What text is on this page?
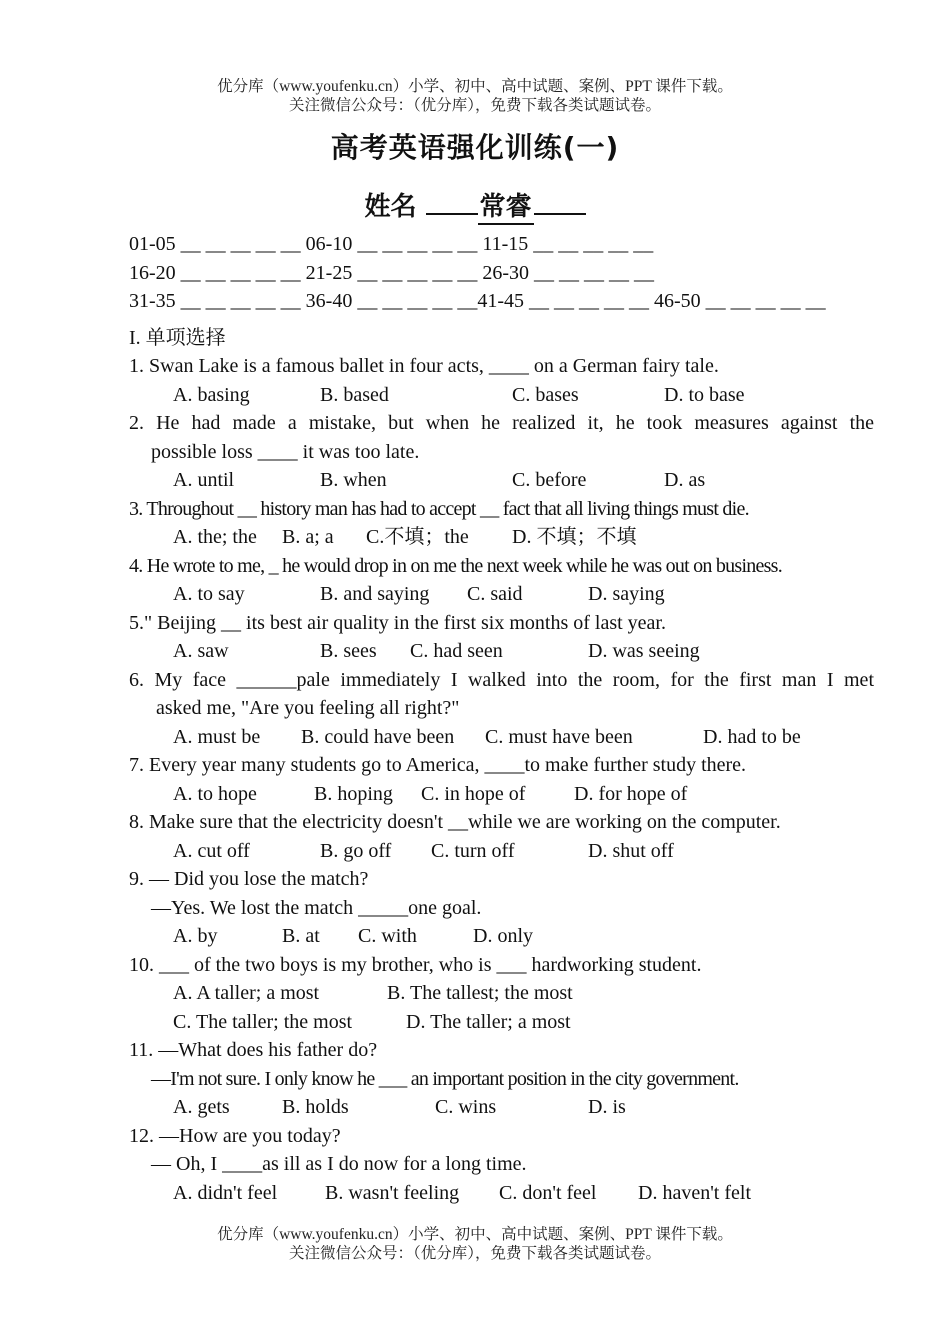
优分库（www.youfenku.cn）小学、初中、高中试题、案例、PPT 课件下载。
关注微信公众号：（优分库），免费下载各类试题试卷。
高考英语强化训练(一)
姓名 常睿
01-05 __ __ __ __ __ 06-10 __ __ __ __ __ 11-15 __ __ __ __ __
16-20 __ __ __ __ __ 21-25 __ __ __ __ __ 26-30 __ __ __ __ __
31-35 __ __ __ __ __ 36-40 __ __ __ __ __41-45 __ __ __ __ __ 46-50 __ __ __ __ __
I. 单项选择
1. Swan Lake is a famous ballet in four acts, ____ on a German fairy tale.
A. basing	B. based	C. bases	D. to base
2. He had made a mistake, but when he realized it, he took measures against the
possible loss ____ it was too late.
A. until	B. when	C. before	D. as
3. Throughout __ history man has had to accept __ fact that all living things must die.
A. the; the B. a; a C.不填；the D. 不填；不填
4. He wrote to me, _ he would drop in on me the next week while he was out on business.
A. to say	B. and saying C. said	D. saying
5." Beijing __ its best air quality in the first six months of last year.
A. saw	B. sees C. had seen	D. was seeing
6. My face ______pale immediately I walked into the room, for the first man I met
asked me, "Are you feeling all right?"
A. must be B. could have been C. must have been	D. had to be
7. Every year many students go to America, ____to make further study there.
A. to hope	B. hoping C. in hope of D. for hope of
8. Make sure that the electricity doesn't __while we are working on the computer.
A. cut off	B. go off C. turn off	D. shut off
9. — Did you lose the match?
—Yes. We lost the match _____one goal.
A. by	B. at C. with	D. only
10. ___ of the two boys is my brother, who is ___ hardworking student.
A. A taller; a most	B. The tallest; the most
C. The taller; the most	D. The taller; a most
11. —What does his father do?
—I'm not sure. I only know he ___ an important position in the city government.
A. gets	B. holds	C. wins	D. is
12. —How are you today?
— Oh, I ____as ill as I do now for a long time.
A. didn't feel B. wasn't feeling C. don't feel D. haven't felt
优分库（www.youfenku.cn）小学、初中、高中试题、案例、PPT 课件下载。
关注微信公众号：（优分库），免费下载各类试题试卷。
